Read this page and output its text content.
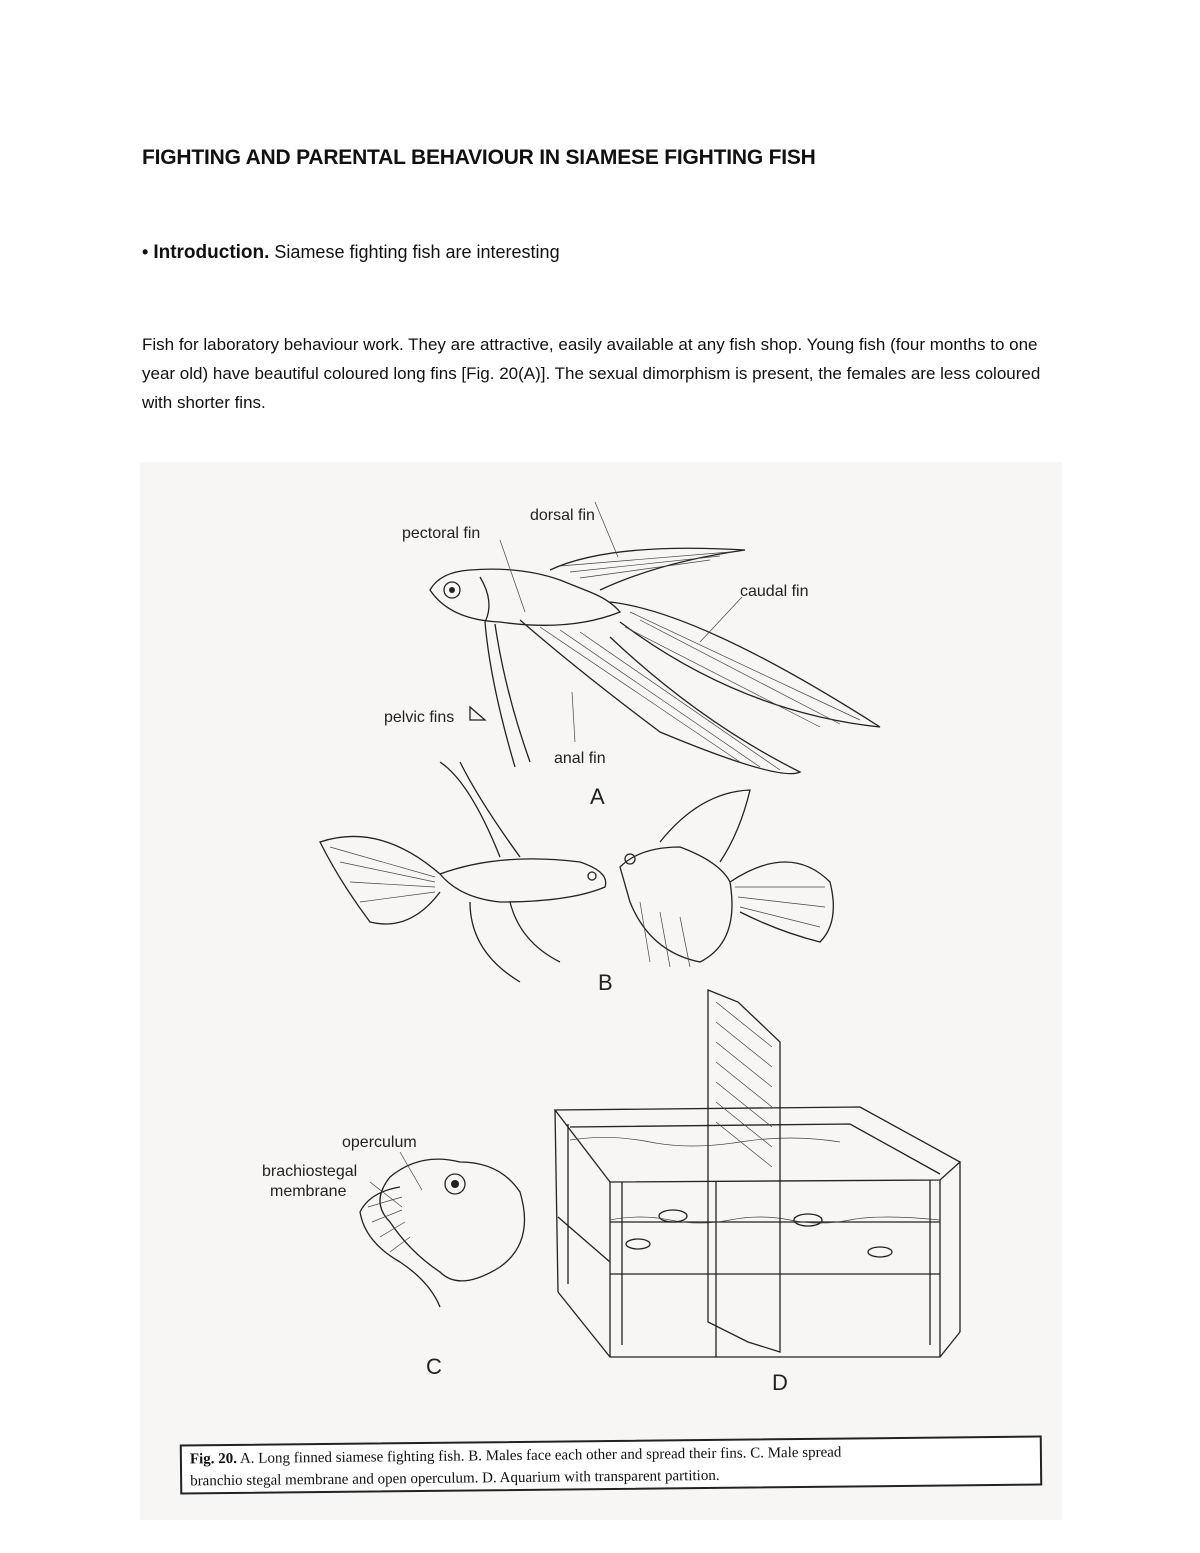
FIGHTING AND PARENTAL BEHAVIOUR IN SIAMESE FIGHTING FISH
• Introduction. Siamese fighting fish are interesting
Fish for laboratory behaviour work. They are attractive, easily available at any fish shop. Young fish (four months to one year old) have beautiful coloured long fins [Fig. 20(A)]. The sexual dimorphism is present, the females are less coloured with shorter fins.
dorsal fin
pectoral fin
caudal fin
pelvic fins
anal fin
A
B
operculum
brachiostegal
membrane
C
D
Fig. 20. A. Long finned siamese fighting fish. B. Males face each other and spread their fins. C. Male spread
branchio stegal membrane and open operculum. D. Aquarium with transparent partition.
